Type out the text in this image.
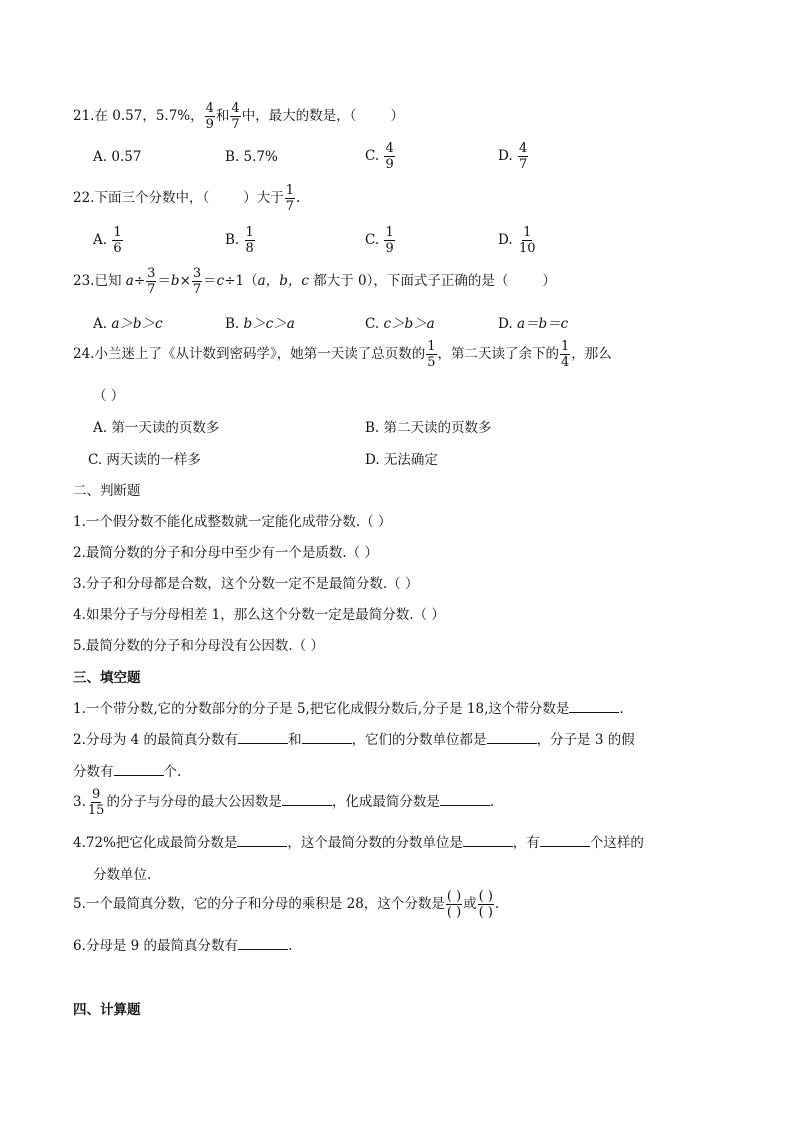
21.在 0.57，5.7%， $\frac{4}{9}$ 和 $\frac{4}{7}$ 中，最大的数是，（	）
A. 0.57	B. 5.7%	C. $\frac{4}{9}$	D. $\frac{4}{7}$
22.下面三个分数中，（	）大于 $\frac{1}{7}$ .
A. $\frac{1}{6}$	B. $\frac{1}{8}$	C. $\frac{1}{9}$	D. $\frac{1}{10}$
23.已知 $a\div \frac{3}{7} =b\times \frac{3}{7} =c\div 1(a$，b，c 都大于 0），下面式子正确的是（	）
A. a＞b＞c	B. b＞c＞a	C. c＞b＞a	D. a＝b＝c
24.小兰迷上了《从计数到密码学》，她第一天读了总页数的 $\frac{1}{5}$ ，第二天读了余下的 $\frac{1}{4}$ ，那么
（ ）
A. 第一天读的页数多	B. 第二天读的页数多
C. 两天读的一样多	D. 无法确定
二、判断题
1.一个假分数不能化成整数就一定能化成带分数.（ ）
2.最简分数的分子和分母中至少有一个是质数.（ ）
3.分子和分母都是合数，这个分数一定不是最简分数.（ ）
4.如果分子与分母相差 1，那么这个分数一定是最简分数.（ ）
5.最简分数的分子和分母没有公因数.（ ）
三、填空题
1.一个带分数,它的分数部分的分子是 5,把它化成假分数后,分子是 18,这个带分数是	.
2.分母为 4 的最简真分数有	和	，它们的分数单位都是	，分子是 3 的假
分数有	个.
3. $\frac{9}{15}$ 的分子与分母的最大公因数是	，化成最简分数是	.
4.72%把它化成最简分数是	，这个最简分数的分数单位是	，有	个这样的
分数单位.
5.一个最简真分数，它的分子和分母的乘积是 28，这个分数是 $\frac{( )}{( )}$ 或 $\frac{( )}{( )}$ .
6.分母是 9 的最简真分数有	.
四、计算题
